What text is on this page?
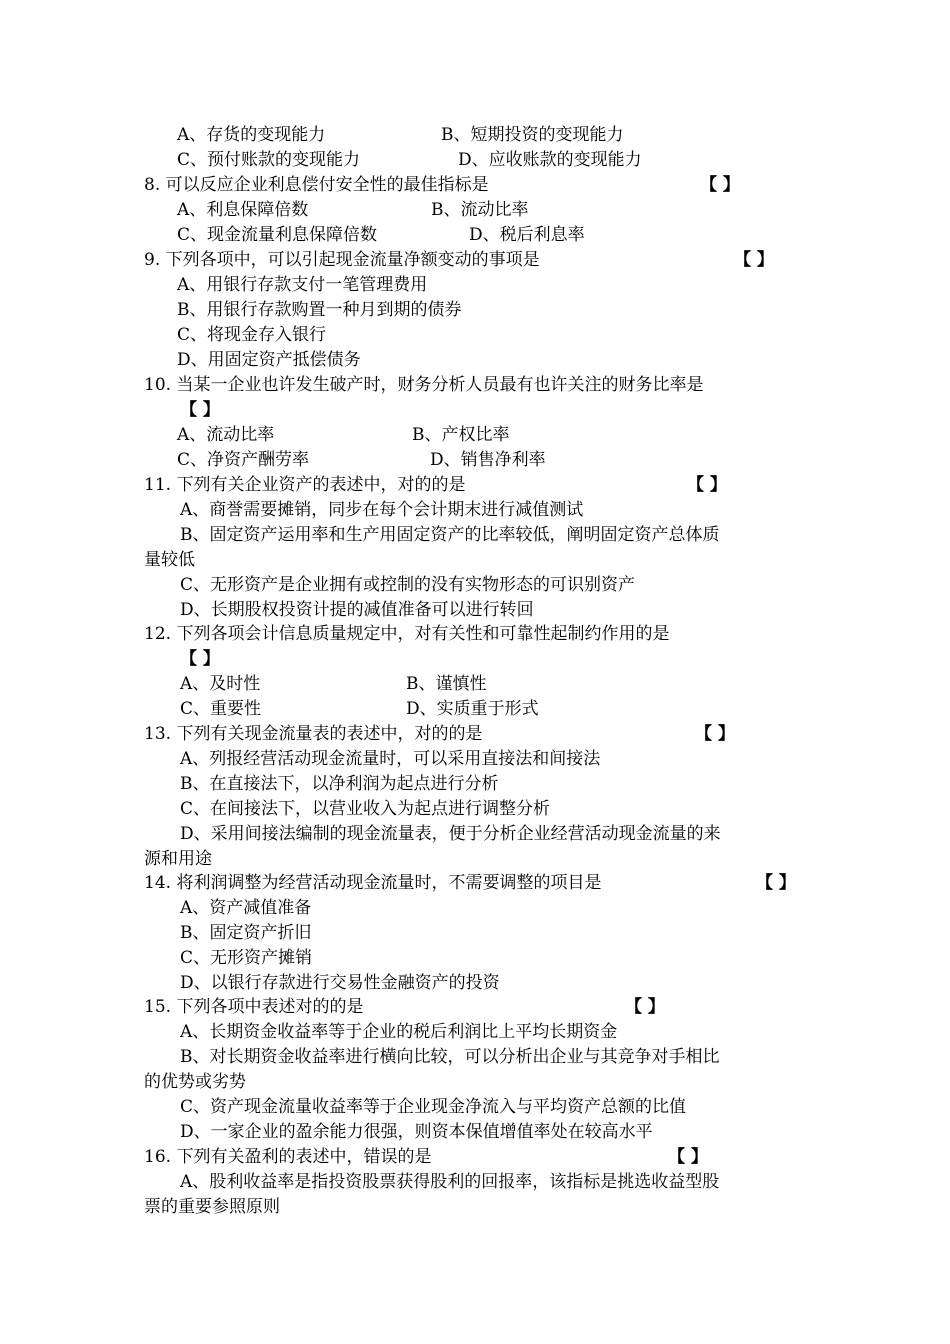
A、存货的变现能力	B、短期投资的变现能力
C、预付账款的变现能力	D、应收账款的变现能力
8. 可以反应企业利息偿付安全性的最佳指标是	【 】
A、利息保障倍数	B、流动比率
C、现金流量利息保障倍数	D、税后利息率
9. 下列各项中，可以引起现金流量净额变动的事项是	【 】
A、用银行存款支付一笔管理费用
B、用银行存款购置一种月到期的债券
C、将现金存入银行
D、用固定资产抵偿债务
10. 当某一企业也许发生破产时，财务分析人员最有也许关注的财务比率是
【 】
A、流动比率	B、产权比率
C、净资产酬劳率	D、销售净利率
11. 下列有关企业资产的表述中，对的的是	【 】
A、商誉需要摊销，同步在每个会计期末进行减值测试
B、固定资产运用率和生产用固定资产的比率较低，阐明固定资产总体质
量较低
C、无形资产是企业拥有或控制的没有实物形态的可识别资产
D、长期股权投资计提的减值准备可以进行转回
12. 下列各项会计信息质量规定中，对有关性和可靠性起制约作用的是
【 】
A、及时性	B、谨慎性
C、重要性	D、实质重于形式
13. 下列有关现金流量表的表述中，对的的是	【 】
A、列报经营活动现金流量时，可以采用直接法和间接法
B、在直接法下，以净利润为起点进行分析
C、在间接法下，以营业收入为起点进行调整分析
D、采用间接法编制的现金流量表，便于分析企业经营活动现金流量的来
源和用途
14. 将利润调整为经营活动现金流量时，不需要调整的项目是	【 】
A、资产减值准备
B、固定资产折旧
C、无形资产摊销
D、以银行存款进行交易性金融资产的投资
15. 下列各项中表述对的的是	【 】
A、长期资金收益率等于企业的税后利润比上平均长期资金
B、对长期资金收益率进行横向比较，可以分析出企业与其竞争对手相比
的优势或劣势
C、资产现金流量收益率等于企业现金净流入与平均资产总额的比值
D、一家企业的盈余能力很强，则资本保值增值率处在较高水平
16. 下列有关盈利的表述中，错误的是	【 】
A、股利收益率是指投资股票获得股利的回报率，该指标是挑选收益型股
票的重要参照原则
